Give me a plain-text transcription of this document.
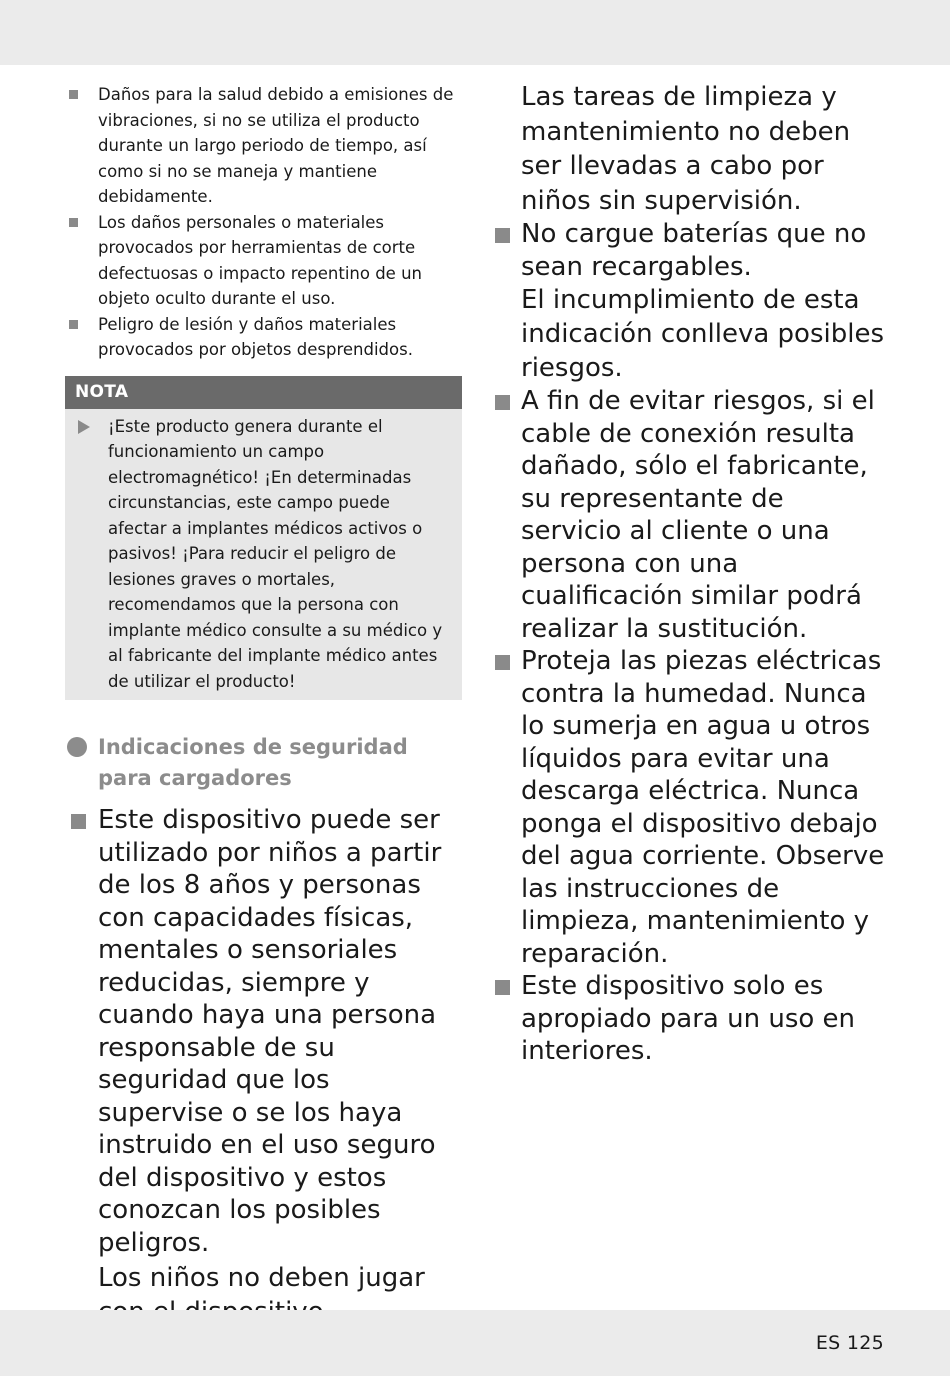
Daños para la salud debido a emisiones de vibraciones, si no se utiliza el producto durante un largo periodo de tiempo, así como si no se maneja y mantiene debidamente.
Los daños personales o materiales provocados por herramientas de corte defectuosas o impacto repentino de un objeto oculto durante el uso.
Peligro de lesión y daños materiales provocados por objetos desprendidos.
NOTA
¡Este producto genera durante el funcionamiento un campo electromagnético! ¡En determinadas circunstancias, este campo puede afectar a implantes médicos activos o pasivos! ¡Para reducir el peligro de lesiones graves o mortales, recomendamos que la persona con implante médico consulte a su médico y al fabricante del implante médico antes de utilizar el producto!
Indicaciones de seguridad para cargadores
Este dispositivo puede ser utilizado por niños a partir de los 8 años y personas con capacidades físicas, mentales o sensoriales reducidas, siempre y cuando haya una persona responsable de su seguridad que los supervise o se los haya instruido en el uso seguro del dispositivo y estos conozcan los posibles peligros.
Los niños no deben jugar
Las tareas de limpieza y mantenimiento no deben ser llevadas a cabo por niños sin supervisión.
No cargue baterías que no sean recargables.
El incumplimiento de esta indicación conlleva posibles riesgos.
A fin de evitar riesgos, si el cable de conexión resulta dañado, sólo el fabricante, su representante de servicio al cliente o una persona con una cualificación similar podrá realizar la sustitución.
Proteja las piezas eléctricas contra la humedad. Nunca lo sumerja en agua u otros líquidos para evitar una descarga eléctrica. Nunca ponga el dispositivo debajo del agua corriente. Observe las instrucciones de limpieza, mantenimiento y reparación.
Este dispositivo solo es apropiado para un uso en interiores.
ES 125
